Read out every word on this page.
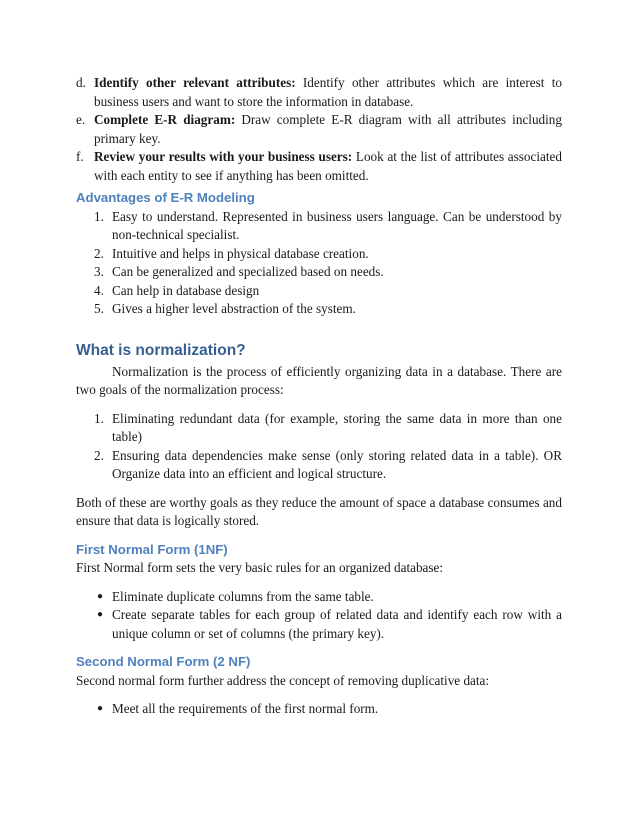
d. Identify other relevant attributes: Identify other attributes which are interest to business users and want to store the information in database.
e. Complete E-R diagram: Draw complete E-R diagram with all attributes including primary key.
f. Review your results with your business users: Look at the list of attributes associated with each entity to see if anything has been omitted.
Advantages of E-R Modeling
1. Easy to understand. Represented in business users language. Can be understood by non-technical specialist.
2. Intuitive and helps in physical database creation.
3. Can be generalized and specialized based on needs.
4. Can help in database design
5. Gives a higher level abstraction of the system.
What is normalization?

Normalization is the process of efficiently organizing data in a database. There are two goals of the normalization process:

1. Eliminating redundant data (for example, storing the same data in more than one table)
2. Ensuring data dependencies make sense (only storing related data in a table). OR Organize data into an efficient and logical structure.

Both of these are worthy goals as they reduce the amount of space a database consumes and ensure that data is logically stored.

First Normal Form (1NF)

First Normal form sets the very basic rules for an organized database:

● Eliminate duplicate columns from the same table.
● Create separate tables for each group of related data and identify each row with a unique column or set of columns (the primary key).
Second Normal Form (2 NF)

Second normal form further address the concept of removing duplicative data:

● Meet all the requirements of the first normal form.
